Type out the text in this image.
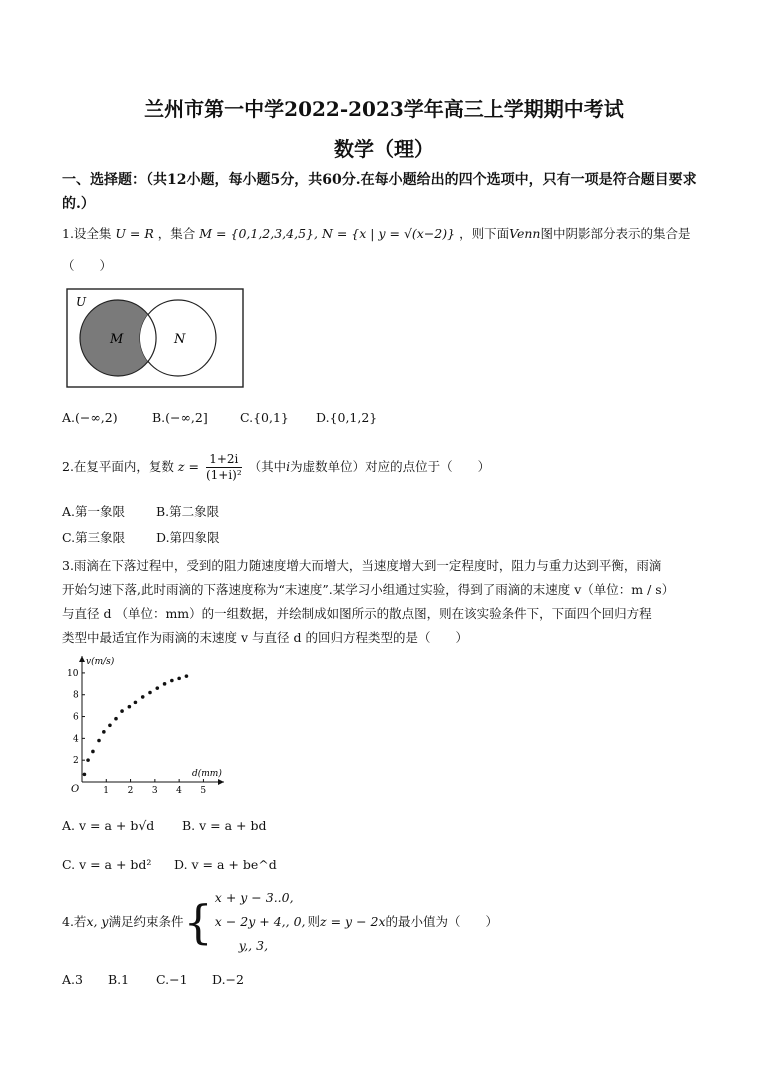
兰州市第一中学2022-2023学年高三上学期期中考试
数学（理）
一、选择题：（共12小题，每小题5分，共60分.在每小题给出的四个选项中，只有一项是符合题目要求的.）
1.设全集 U = R ，集合 M = {0,1,2,3,4,5}, N = {x | y = √(x−2)} ，则下面Venn图中阴影部分表示的集合是
（　　）
U
M	N
A.(−∞,2)	B.(−∞,2]	C.{0,1} D.{0,1,2}
2.在复平面内，复数 $z = \frac{1+2i}{\text{(1+i)²}}$ （其中i为虚数单位）对应的点位于（　　）
A.第一象限 B.第二象限
C.第三象限 D.第四象限
3.雨滴在下落过程中，受到的阻力随速度增大而增大，当速度增大到一定程度时，阻力与重力达到平衡，雨滴
开始匀速下落,此时雨滴的下落速度称为“末速度”.某学习小组通过实验，得到了雨滴的末速度 v（单位：m / s）
与直径 d （单位：mm）的一组数据，并绘制成如图所示的散点图，则在该实验条件下，下面四个回归方程
类型中最适宜作为雨滴的末速度 v 与直径 d 的回归方程类型的是（　　）
v(m/s)
d(mm)
O	1 2 3 4 5
2
4
6
8
10
A. v = a + b√d B. v = a + bd
C. v = a + bd² D. v = a + be^d
4.若 x, y 满足约束条件 { x + y − 3..0,
x − 2y + 4,, 0,
y,, 3,
则 z = y − 2x 的最小值为（　　）
A.3 B.1 C.−1 D.−2
